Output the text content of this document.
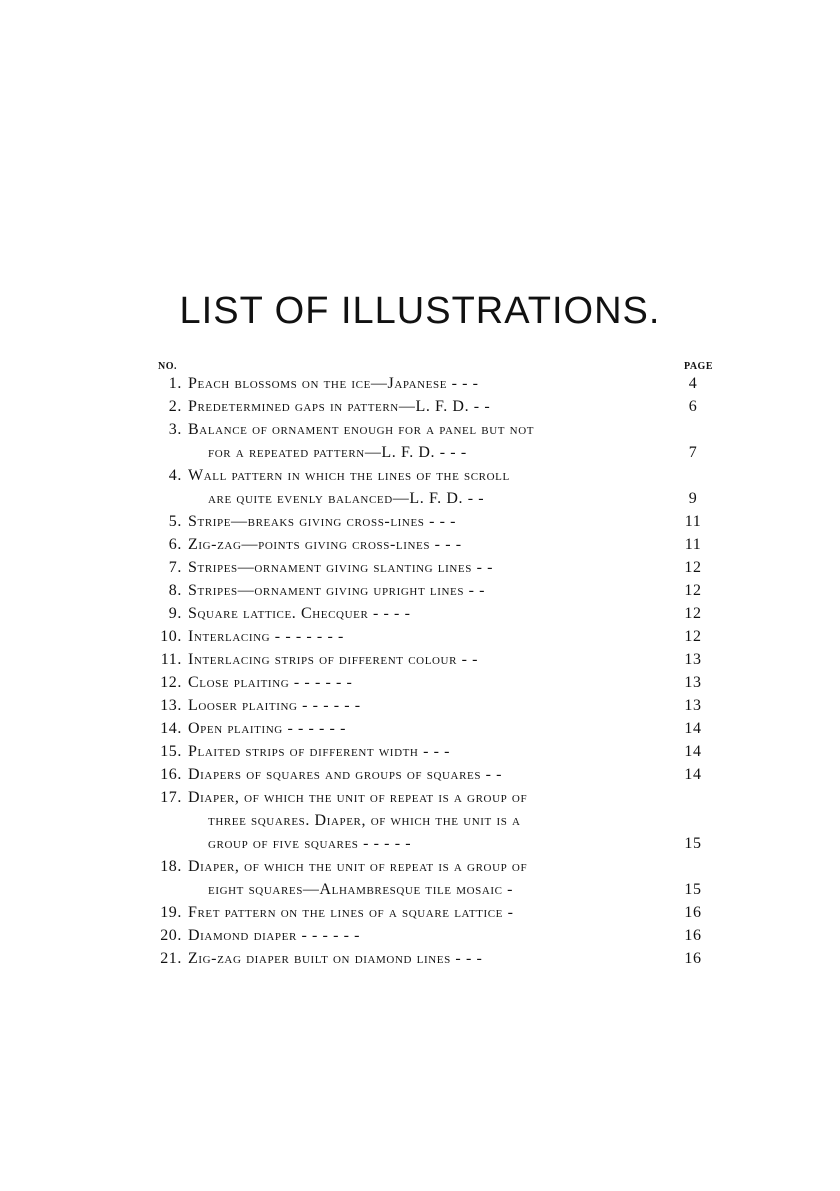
LIST OF ILLUSTRATIONS.
NO.	PAGE
1. Peach blossoms on the ice—Japanese - - -	4
2. Predetermined gaps in pattern—L. F. D. - -	6
3. Balance of ornament enough for a panel but not
for a repeated pattern—L. F. D. - - -	7
4. Wall pattern in which the lines of the scroll
are quite evenly balanced—L. F. D. - -	9
5. Stripe—breaks giving cross-lines - - -	11
6. Zig-zag—points giving cross-lines - - -	11
7. Stripes—ornament giving slanting lines - -	12
8. Stripes—ornament giving upright lines - -	12
9. Square lattice. Checquer - - - -	12
10. Interlacing - - - - - - -	12
11. Interlacing strips of different colour - -	13
12. Close plaiting - - - - - -	13
13. Looser plaiting - - - - - -	13
14. Open plaiting - - - - - -	14
15. Plaited strips of different width - - -	14
16. Diapers of squares and groups of squares - -	14
17. Diaper, of which the unit of repeat is a group of
three squares. Diaper, of which the unit is a
group of five squares - - - - -	15
18. Diaper, of which the unit of repeat is a group of
eight squares—Alhambresque tile mosaic -	15
19. Fret pattern on the lines of a square lattice -	16
20. Diamond diaper - - - - - -	16
21. Zig-zag diaper built on diamond lines - - -	16
